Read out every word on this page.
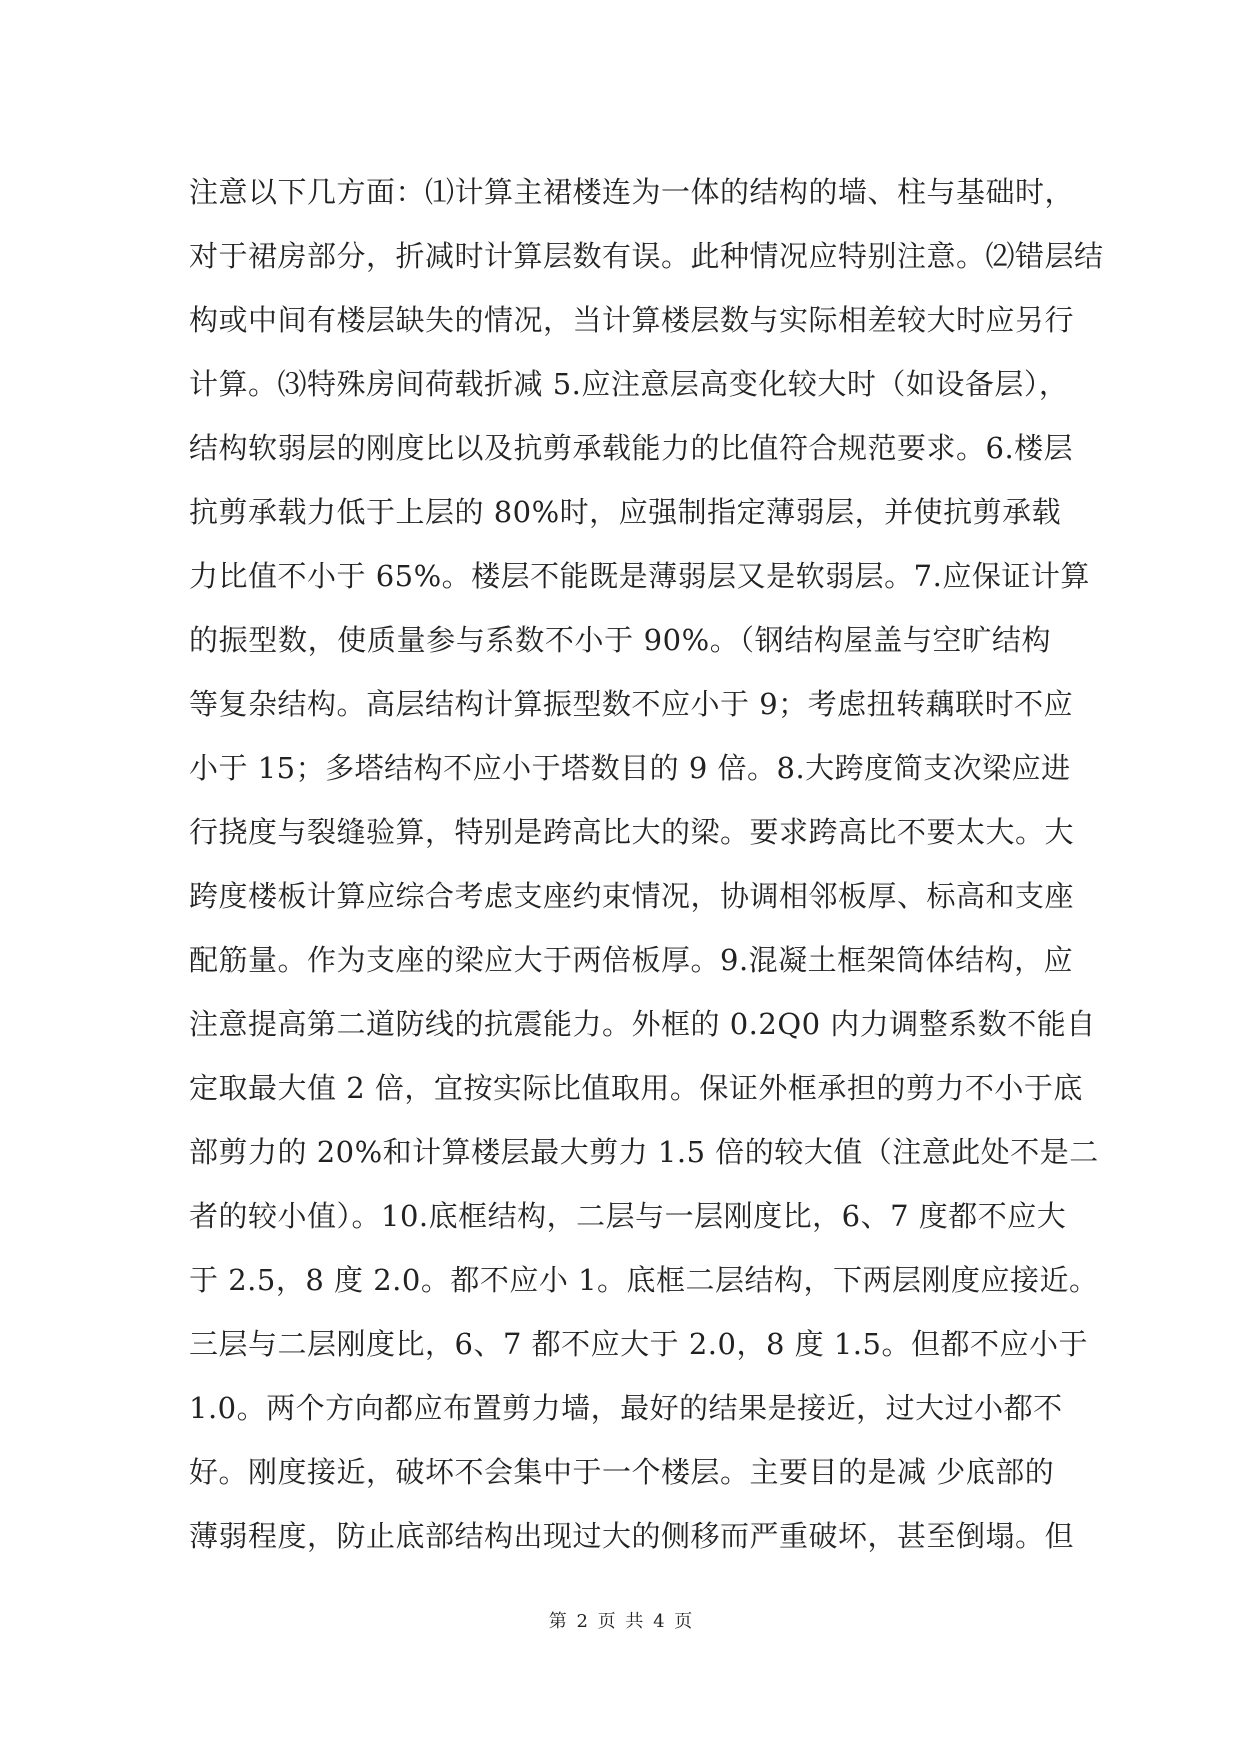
注意以下几方面：⑴计算主裙楼连为一体的结构的墙、柱与基础时，
对于裙房部分，折减时计算层数有误。此种情况应特别注意。⑵错层结
构或中间有楼层缺失的情况，当计算楼层数与实际相差较大时应另行
计算。⑶特殊房间荷载折减 5.应注意层高变化较大时（如设备层），
结构软弱层的刚度比以及抗剪承载能力的比值符合规范要求。6.楼层
抗剪承载力低于上层的 80%时，应强制指定薄弱层，并使抗剪承载
力比值不小于 65%。楼层不能既是薄弱层又是软弱层。7.应保证计算
的振型数，使质量参与系数不小于 90%。（钢结构屋盖与空旷结构
等复杂结构。高层结构计算振型数不应小于 9；考虑扭转藕联时不应
小于 15；多塔结构不应小于塔数目的 9 倍。8.大跨度简支次梁应进
行挠度与裂缝验算，特别是跨高比大的梁。要求跨高比不要太大。大
跨度楼板计算应综合考虑支座约束情况，协调相邻板厚、标高和支座
配筋量。作为支座的梁应大于两倍板厚。9.混凝土框架筒体结构，应
注意提高第二道防线的抗震能力。外框的 0.2Q0 内力调整系数不能自
定取最大值 2 倍，宜按实际比值取用。保证外框承担的剪力不小于底
部剪力的 20%和计算楼层最大剪力 1.5 倍的较大值（注意此处不是二
者的较小值）。10.底框结构，二层与一层刚度比，6、7 度都不应大
于 2.5，8 度 2.0。都不应小 1。底框二层结构，下两层刚度应接近。
三层与二层刚度比，6、7 都不应大于 2.0，8 度 1.5。但都不应小于
1.0。两个方向都应布置剪力墙，最好的结果是接近，过大过小都不
好。刚度接近，破坏不会集中于一个楼层。主要目的是减 少底部的
薄弱程度，防止底部结构出现过大的侧移而严重破坏，甚至倒塌。但
第 2 页 共 4 页
